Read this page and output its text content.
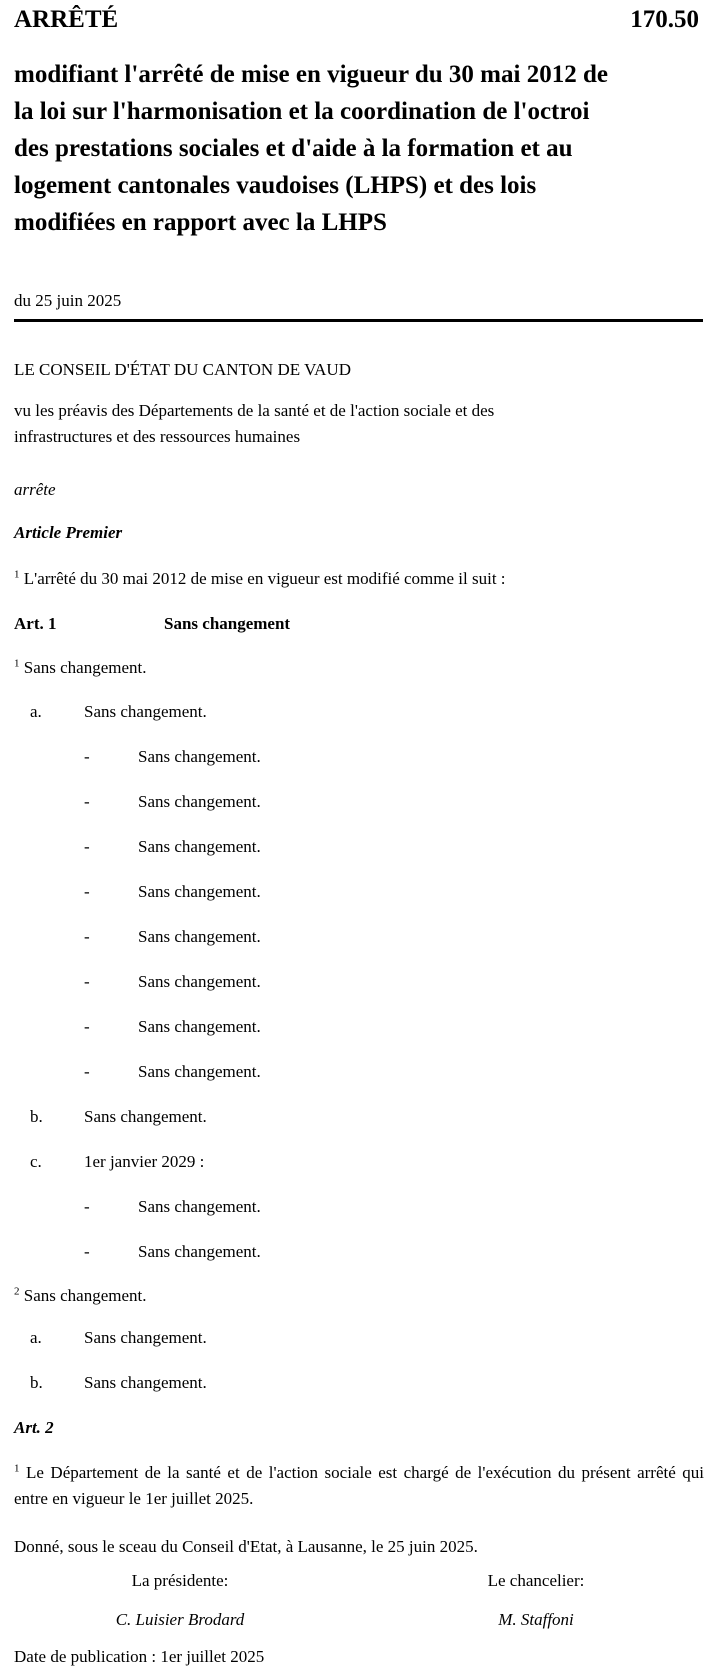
ARRÊTÉ	170.50
modifiant l'arrêté de mise en vigueur du 30 mai 2012 de
la loi sur l'harmonisation et la coordination de l'octroi
des prestations sociales et d'aide à la formation et au
logement cantonales vaudoises (LHPS) et des lois
modifiées en rapport avec la LHPS
du 25 juin 2025
LE CONSEIL D'ÉTAT DU CANTON DE VAUD
vu les préavis des Départements de la santé et de l'action sociale et des
infrastructures et des ressources humaines
arrête
Article Premier
$^1$ L'arrêté du 30 mai 2012 de mise en vigueur est modifié comme il suit :
Art. 1	Sans changement
$^1$ Sans changement.
a. Sans changement.
-	Sans changement.
-	Sans changement.
-	Sans changement.
-	Sans changement.
-	Sans changement.
-	Sans changement.
-	Sans changement.
-	Sans changement.
b. Sans changement.
c. 1er janvier 2029 :
-	Sans changement.
-	Sans changement.
$^2$ Sans changement.
a. Sans changement.
b. Sans changement.
Art. 2
$^1$ Le Département de la santé et de l'action sociale est chargé de l'exécution du présent arrêté qui entre en vigueur le 1er juillet 2025.
Donné, sous le sceau du Conseil d'Etat, à Lausanne, le 25 juin 2025.
La présidente:	Le chancelier:
C. Luisier Brodard	M. Staffoni
Date de publication : 1er juillet 2025
